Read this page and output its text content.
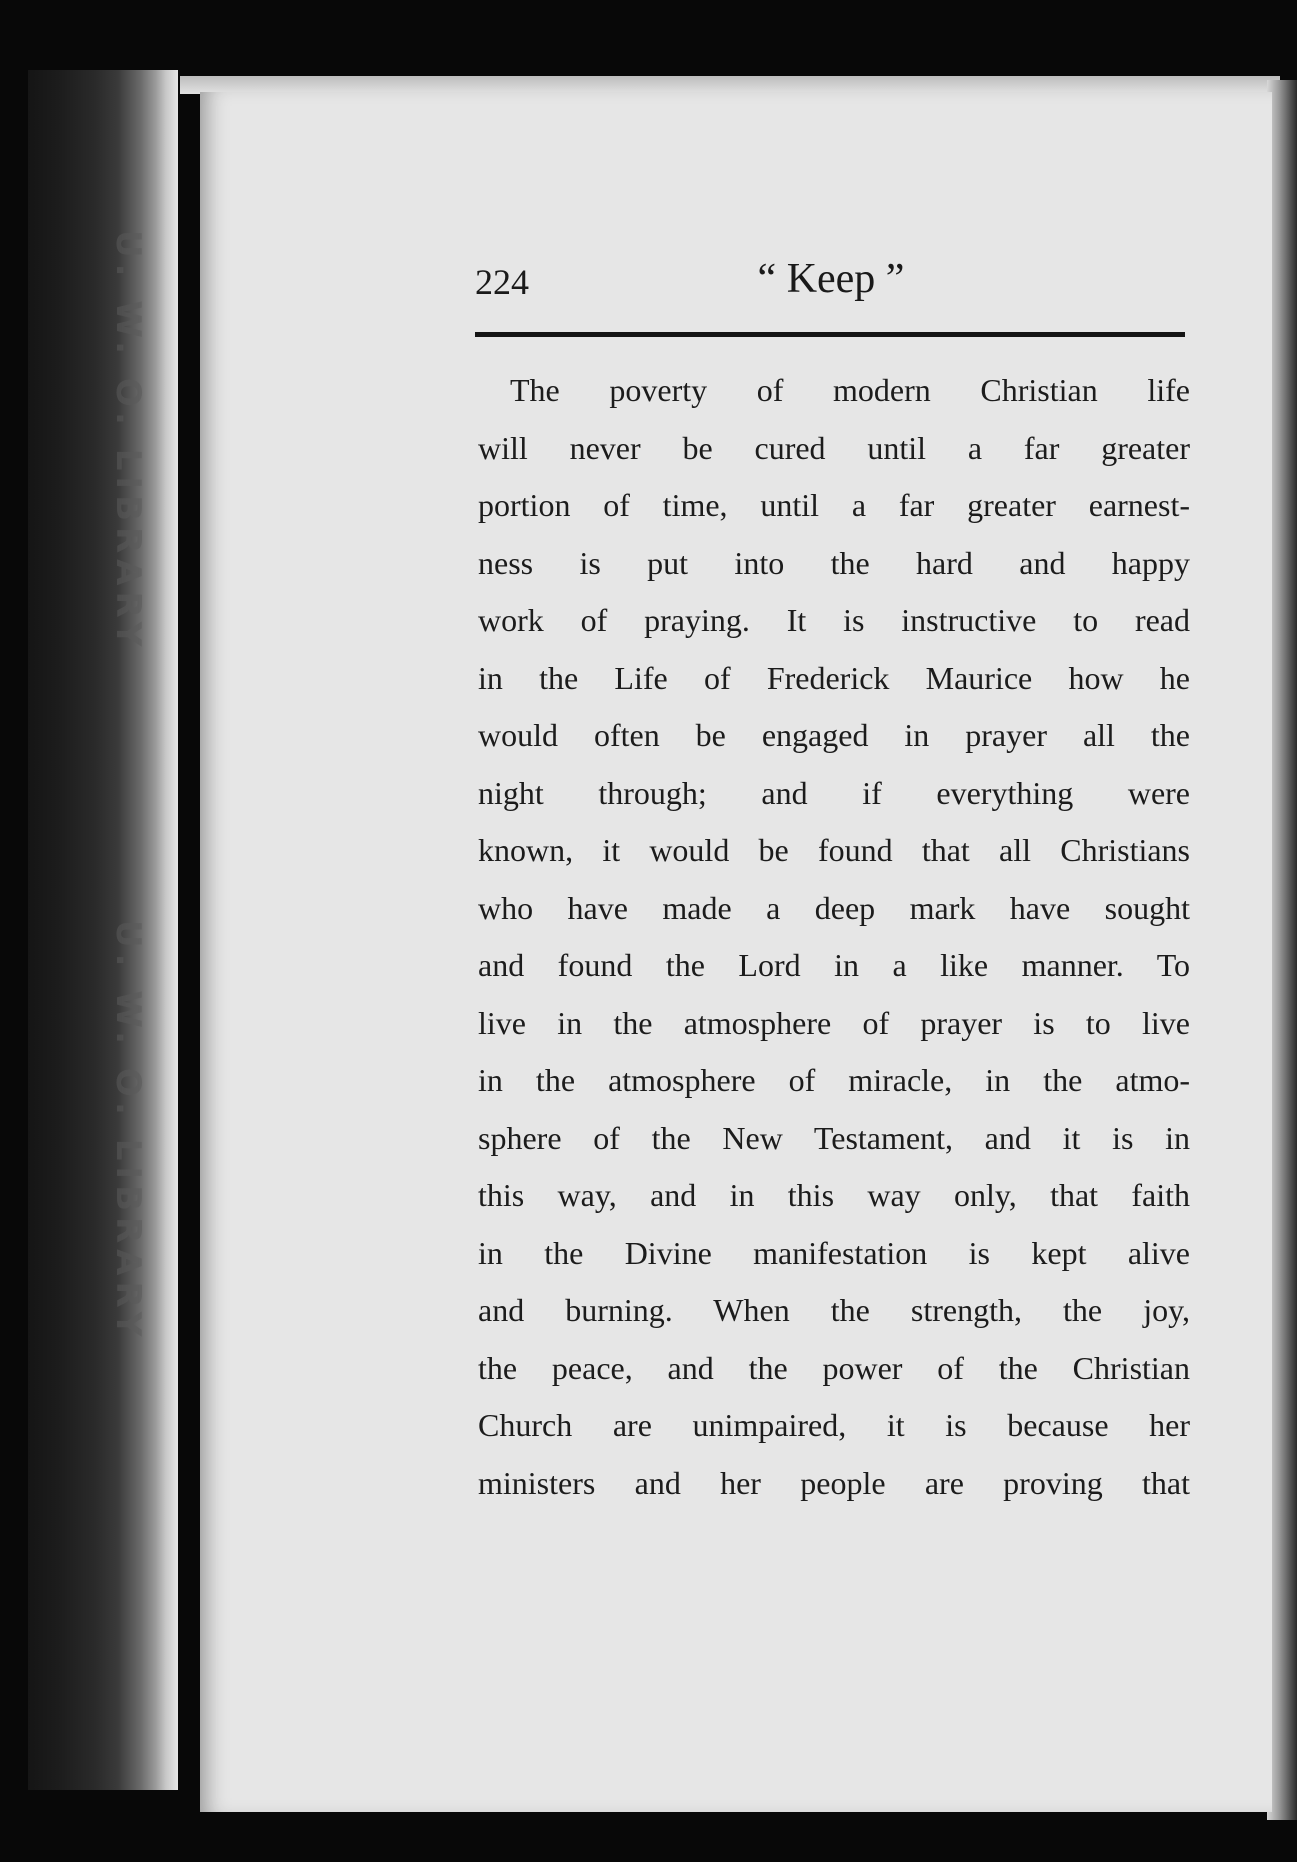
U. W. O. LIBRARY
U. W. O. LIBRARY
224	“ Keep ”
The poverty of modern Christian life
will never be cured until a far greater
portion of time, until a far greater earnest-
ness is put into the hard and happy
work of praying. It is instructive to read
in the Life of Frederick Maurice how he
would often be engaged in prayer all the
night through; and if everything were
known, it would be found that all Christians
who have made a deep mark have sought
and found the Lord in a like manner. To
live in the atmosphere of prayer is to live
in the atmosphere of miracle, in the atmo-
sphere of the New Testament, and it is in
this way, and in this way only, that faith
in the Divine manifestation is kept alive
and burning. When the strength, the joy,
the peace, and the power of the Christian
Church are unimpaired, it is because her
ministers and her people are proving that
